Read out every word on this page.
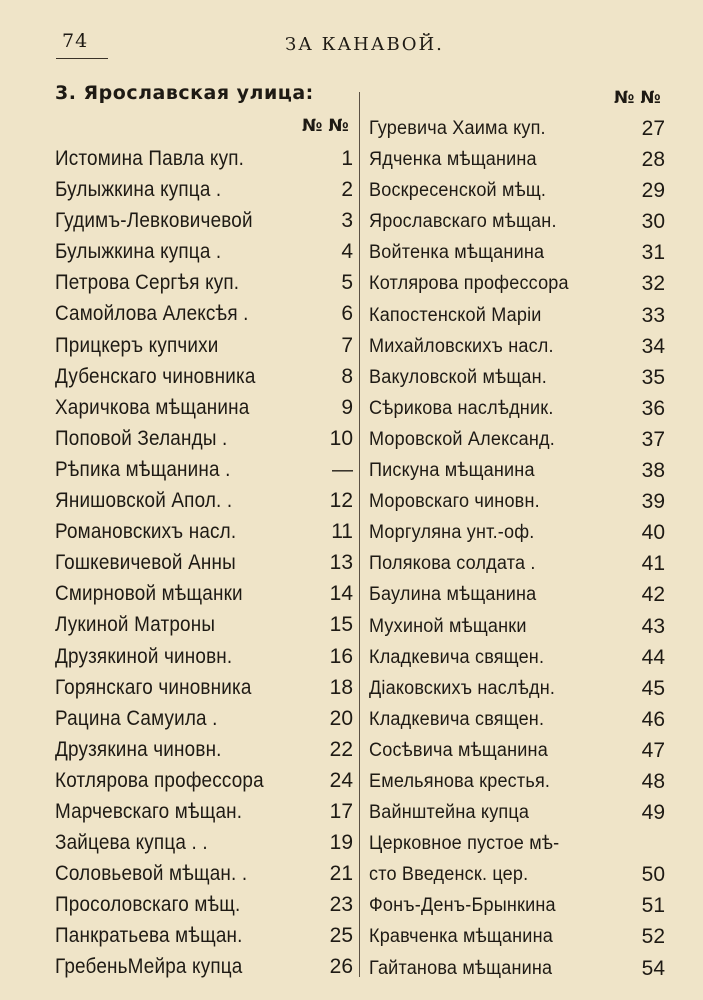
74	ЗА КАНАВОЙ.
3. Ярославская улица:
№ №
№ №
Истомина Павла куп.	1
Булыжкина купца .	2
Гудимъ-Левковичевой	3
Булыжкина купца .	4
Петрова Сергѣя куп.	5
Самойлова Алексѣя .	6
Прицкеръ купчихи	7
Дубенскаго чиновника	8
Харичкова мѣщанина	9
Поповой Зеланды .	10
Рѣпика мѣщанина .	—
Янишовской Апол. .	12
Романовскихъ насл.	11
Гошкевичевой Анны	13
Смирновой мѣщанки	14
Лукиной Матроны	15
Друзякиной чиновн.	16
Горянскаго чиновника	18
Рацина Самуила .	20
Друзякина чиновн.	22
Котлярова профессора	24
Марчевскаго мѣщан.	17
Зайцева купца . .	19
Соловьевой мѣщан. .	21
Просоловскаго мѣщ.	23
Панкратьева мѣщан.	25
ГребеньМейра купца	26
Гуревича Хаима куп.	27
Ядченка мѣщанина	28
Воскресенской мѣщ.	29
Ярославскаго мѣщан.	30
Войтенка мѣщанина	31
Котлярова профессора	32
Капостенской Маріи	33
Михайловскихъ насл.	34
Вакуловской мѣщан.	35
Сѣрикова наслѣдник.	36
Моровской Александ.	37
Пискуна мѣщанина	38
Моровскаго чиновн.	39
Моргуляна унт.-оф.	40
Полякова солдата .	41
Баулина мѣщанина	42
Мухиной мѣщанки	43
Кладкевича священ.	44
Діаковскихъ наслѣдн.	45
Кладкевича священ.	46
Сосѣвича мѣщанина	47
Емельянова крестья.	48
Вайнштейна купца	49
Церковное пустое мѣ-
сто Введенск. цер.	50
Фонъ-Денъ-Брынкина	51
Кравченка мѣщанина	52
Гайтанова мѣщанина	54
